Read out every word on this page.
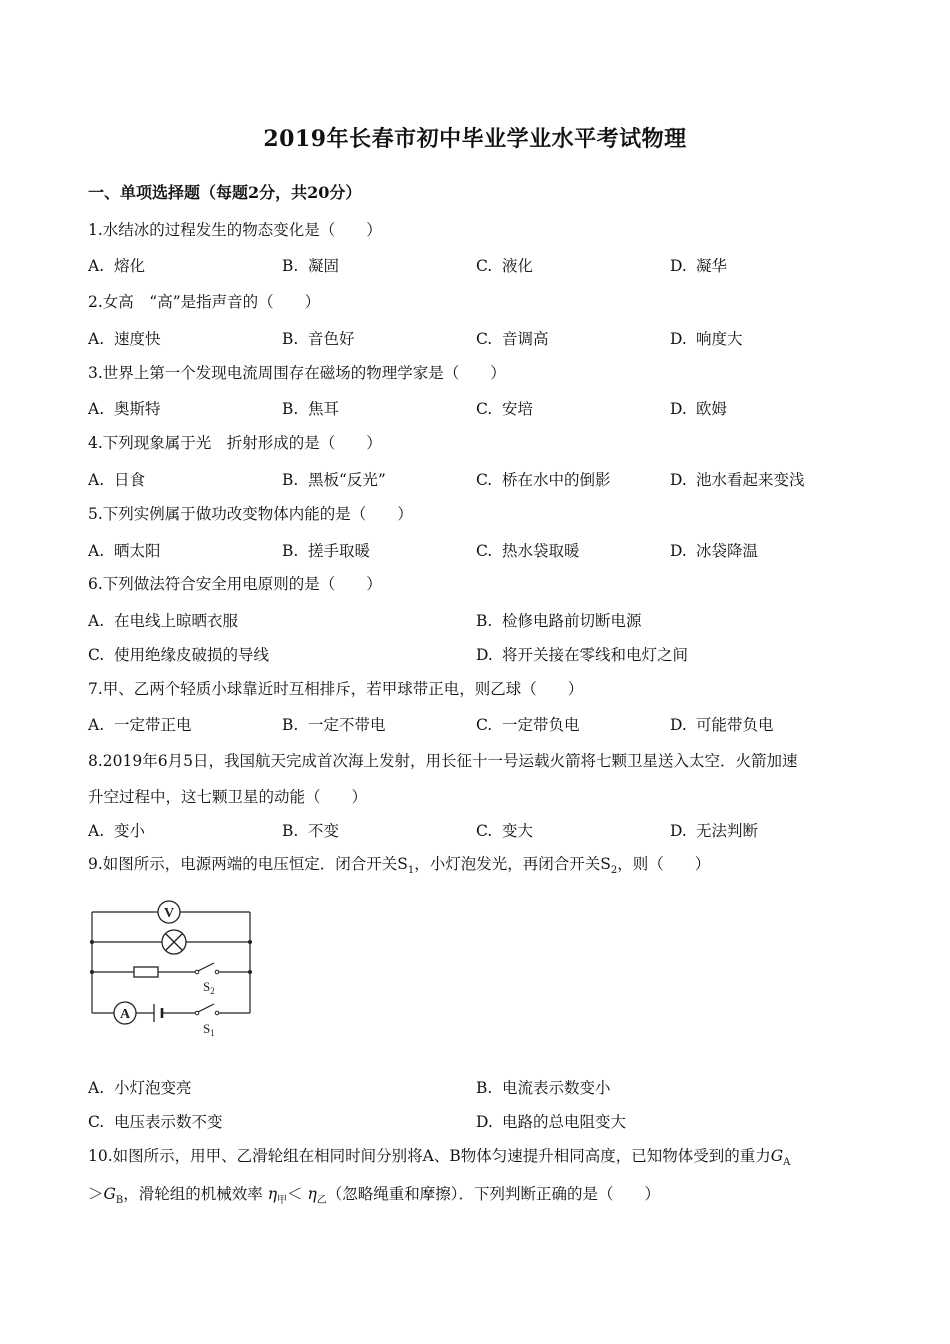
2019年长春市初中毕业学业水平考试物理
一、单项选择题（每题2分，共20分）
1.水结冰的过程发生的物态变化是（　　）
A. 熔化	B. 凝固	C. 液化	D. 凝华
2.女高　“高”是指声音的（　　）
A. 速度快	B. 音色好	C. 音调高	D. 响度大
3.世界上第一个发现电流周围存在磁场的物理学家是（　　）
A. 奥斯特	B. 焦耳	C. 安培	D. 欧姆
4.下列现象属于光　折射形成的是（　　）
A. 日食	B. 黑板“反光”	C. 桥在水中的倒影	D. 池水看起来变浅
5.下列实例属于做功改变物体内能的是（　　）
A. 晒太阳	B. 搓手取暖	C. 热水袋取暖	D. 冰袋降温
6.下列做法符合安全用电原则的是（　　）
A. 在电线上晾晒衣服	B. 检修电路前切断电源
C. 使用绝缘皮破损的导线	D. 将开关接在零线和电灯之间
7.甲、乙两个轻质小球靠近时互相排斥，若甲球带正电，则乙球（　　）
A. 一定带正电	B. 一定不带电	C. 一定带负电	D. 可能带负电
8.2019年6月5日，我国航天完成首次海上发射，用长征十一号运载火箭将七颗卫星送入太空．火箭加速
升空过程中，这七颗卫星的动能（　　）
A. 变小	B. 不变	C. 变大	D. 无法判断
9.如图所示，电源两端的电压恒定．闭合开关$S_1$，小灯泡发光，再闭合开关$S_2$，则（　　）
V
$S_2$
A
$S_1$
A. 小灯泡变亮	B. 电流表示数变小
C. 电压表示数不变	D. 电路的总电阻变大
10.如图所示，用甲、乙滑轮组在相同时间分别将A、B物体匀速提升相同高度，已知物体受到的重力$G_A$
$>G_B$，滑轮组的机械效率 $\eta_甲< \eta_乙$（忽略绳重和摩擦）．下列判断正确的是（　　）
